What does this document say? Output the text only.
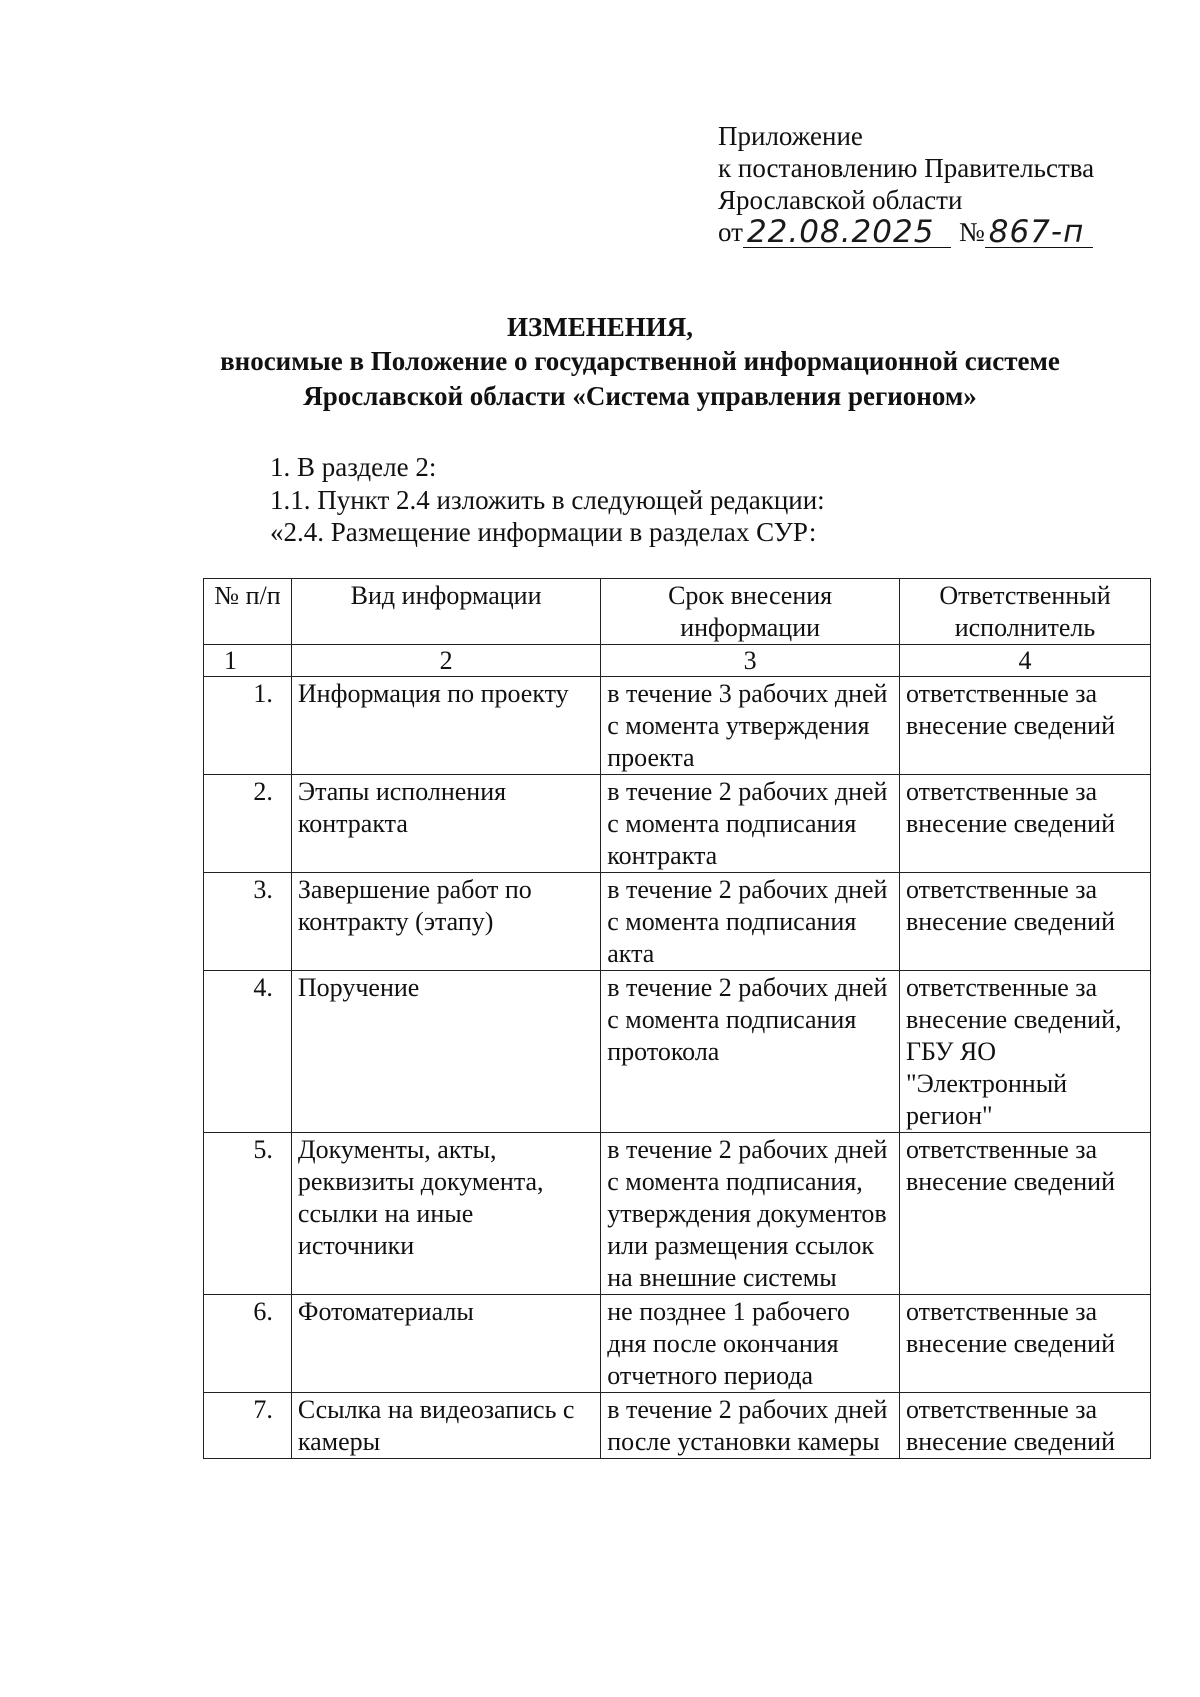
Приложение
к постановлению Правительства
Ярославской области
от 22.08.2025 № 867-п
ИЗМЕНЕНИЯ,
вносимые в Положение о государственной информационной системе
Ярославской области «Система управления регионом»
1. В разделе 2:
1.1. Пункт 2.4 изложить в следующей редакции:
«2.4. Размещение информации в разделах СУР:
№ п/п	Вид информации	Срок внесения информации	Ответственный исполнитель
1	2	3	4
1.	Информация по проекту	в течение 3 рабочих дней с момента утверждения проекта	ответственные за внесение сведений
2.	Этапы исполнения контракта	в течение 2 рабочих дней с момента подписания контракта	ответственные за внесение сведений
3.	Завершение работ по контракту (этапу)	в течение 2 рабочих дней с момента подписания акта	ответственные за внесение сведений
4.	Поручение	в течение 2 рабочих дней с момента подписания протокола	ответственные за внесение сведений, ГБУ ЯО "Электронный регион"
5.	Документы, акты, реквизиты документа, ссылки на иные источники	в течение 2 рабочих дней с момента подписания, утверждения документов или размещения ссылок на внешние системы	ответственные за внесение сведений
6.	Фотоматериалы	не позднее 1 рабочего дня после окончания отчетного периода	ответственные за внесение сведений
7.	Ссылка на видеозапись с камеры	в течение 2 рабочих дней после установки камеры	ответственные за внесение сведений
